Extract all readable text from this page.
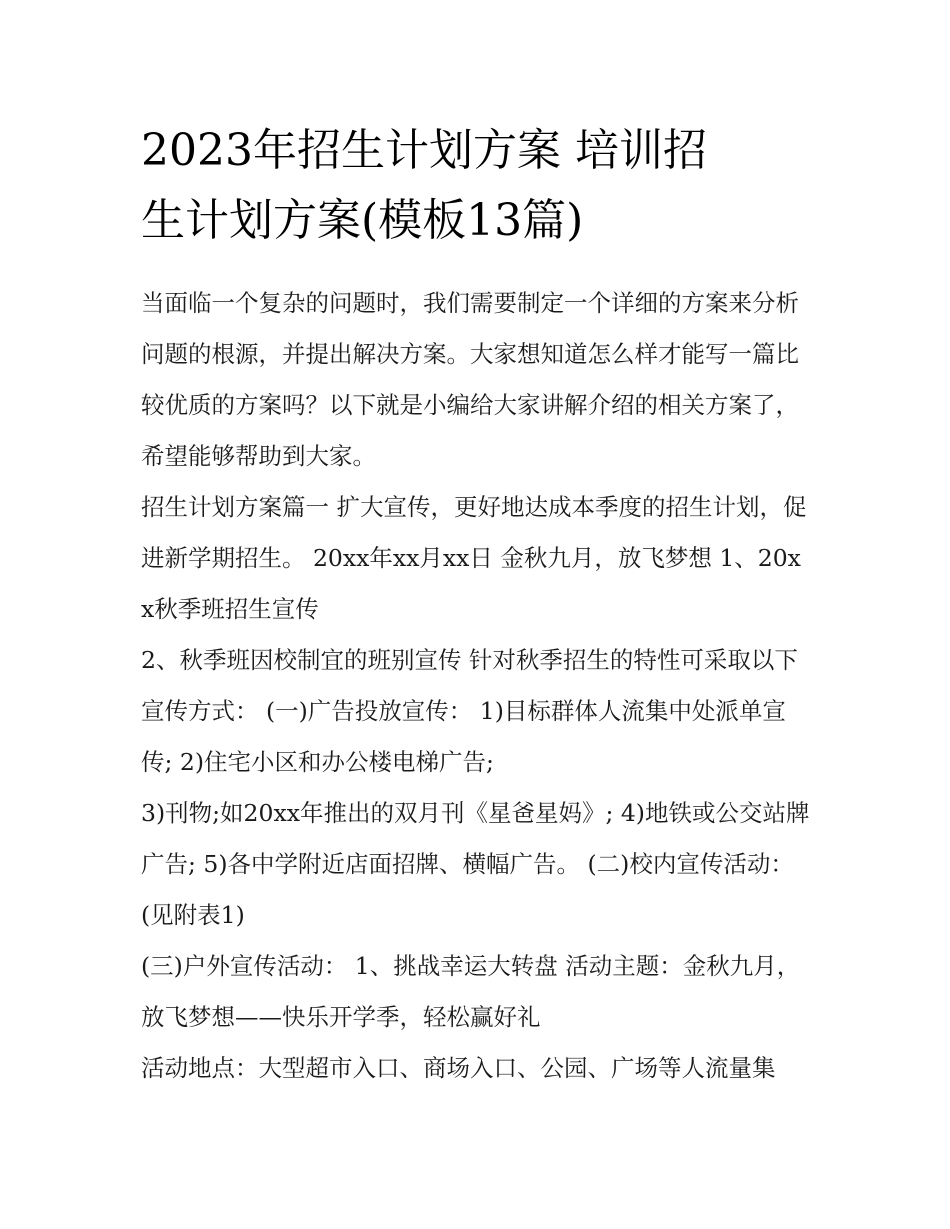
2023年招生计划方案 培训招
生计划方案(模板13篇)

当面临一个复杂的问题时，我们需要制定一个详细的方案来分析问题的根源，并提出解决方案。大家想知道怎么样才能写一篇比较优质的方案吗？以下就是小编给大家讲解介绍的相关方案了，希望能够帮助到大家。

招生计划方案篇一 扩大宣传，更好地达成本季度的招生计划，促进新学期招生。 20xx年xx月xx日 金秋九月，放飞梦想 1、20xx秋季班招生宣传

2、秋季班因校制宜的班别宣传 针对秋季招生的特性可采取以下宣传方式： (一)广告投放宣传： 1)目标群体人流集中处派单宣传; 2)住宅小区和办公楼电梯广告;

3)刊物;如20xx年推出的双月刊《星爸星妈》; 4)地铁或公交站牌广告; 5)各中学附近店面招牌、横幅广告。 (二)校内宣传活动：(见附表1)

(三)户外宣传活动： 1、挑战幸运大转盘 活动主题：金秋九月，放飞梦想——快乐开学季，轻松赢好礼

活动地点：大型超市入口、商场入口、公园、广场等人流量集
